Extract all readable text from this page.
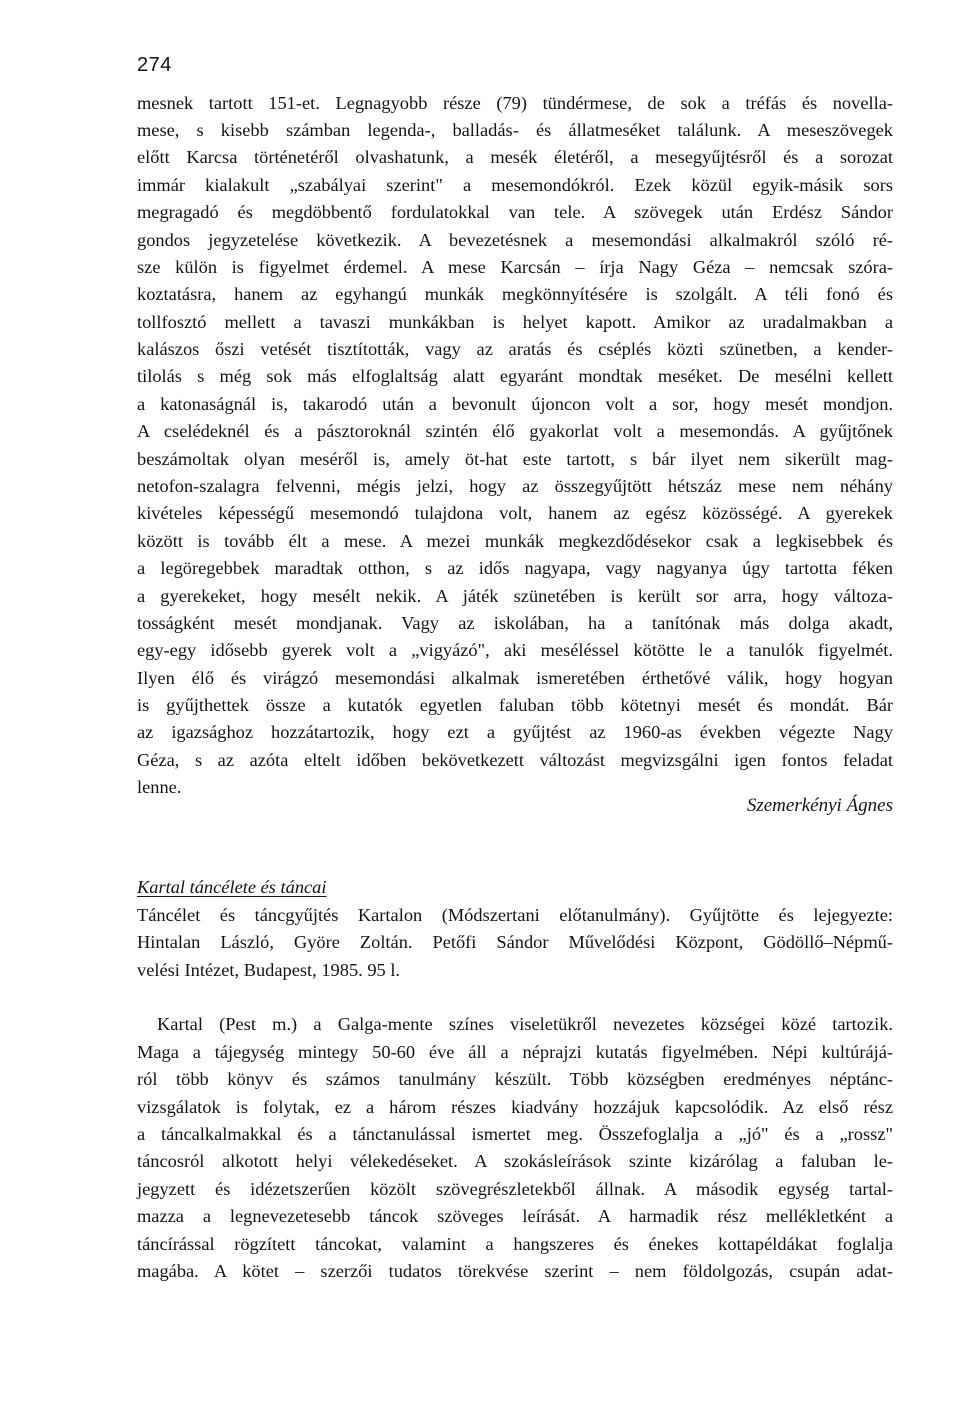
274
mesnek tartott 151-et. Legnagyobb része (79) tündérmese, de sok a tréfás és novella-
mese, s kisebb számban legenda-, balladás- és állatmeséket találunk. A meseszövegek
előtt Karcsa történetéről olvashatunk, a mesék életéről, a mesegyűjtésről és a sorozat
immár kialakult „szabályai szerint" a mesemondókról. Ezek közül egyik-másik sors
megragadó és megdöbbentő fordulatokkal van tele. A szövegek után Erdész Sándor
gondos jegyzetelése következik. A bevezetésnek a mesemondási alkalmakról szóló ré-
sze külön is figyelmet érdemel. A mese Karcsán – írja Nagy Géza – nemcsak szóra-
koztatásra, hanem az egyhangú munkák megkönnyítésére is szolgált. A téli fonó és
tollfosztó mellett a tavaszi munkákban is helyet kapott. Amikor az uradalmakban a
kalászos őszi vetését tisztították, vagy az aratás és cséplés közti szünetben, a kender-
tilolás s még sok más elfoglaltság alatt egyaránt mondtak meséket. De mesélni kellett
a katonaságnál is, takarodó után a bevonult újoncon volt a sor, hogy mesét mondjon.
A cselédeknél és a pásztoroknál szintén élő gyakorlat volt a mesemondás. A gyűjtőnek
beszámoltak olyan meséről is, amely öt-hat este tartott, s bár ilyet nem sikerült mag-
netofon-szalagra felvenni, mégis jelzi, hogy az összegyűjtött hétszáz mese nem néhány
kivételes képességű mesemondó tulajdona volt, hanem az egész közösségé. A gyerekek
között is tovább élt a mese. A mezei munkák megkezdődésekor csak a legkisebbek és
a legöregebbek maradtak otthon, s az idős nagyapa, vagy nagyanya úgy tartotta féken
a gyerekeket, hogy mesélt nekik. A játék szünetében is került sor arra, hogy változa-
tosságként mesét mondjanak. Vagy az iskolában, ha a tanítónak más dolga akadt,
egy-egy idősebb gyerek volt a „vigyázó", aki meséléssel kötötte le a tanulók figyelmét.
Ilyen élő és virágzó mesemondási alkalmak ismeretében érthetővé válik, hogy hogyan
is gyűjthettek össze a kutatók egyetlen faluban több kötetnyi mesét és mondát. Bár
az igazsághoz hozzátartozik, hogy ezt a gyűjtést az 1960-as években végezte Nagy
Géza, s az azóta eltelt időben bekövetkezett változást megvizsgálni igen fontos feladat
lenne.
Szemerkényi Ágnes
Kartal táncélete és táncai
Táncélet és táncgyűjtés Kartalon (Módszertani előtanulmány). Gyűjtötte és lejegyezte:
Hintalan László, Györe Zoltán. Petőfi Sándor Művelődési Központ, Gödöllő–Népmű-
velési Intézet, Budapest, 1985. 95 l.
Kartal (Pest m.) a Galga-mente színes viseletükről nevezetes községei közé tartozik.
Maga a tájegység mintegy 50-60 éve áll a néprajzi kutatás figyelmében. Népi kultúrájá-
ról több könyv és számos tanulmány készült. Több községben eredményes néptánc-
vizsgálatok is folytak, ez a három részes kiadvány hozzájuk kapcsolódik. Az első rész
a táncalkalmakkal és a tánctanulással ismertet meg. Összefoglalja a „jó" és a „rossz"
táncosról alkotott helyi vélekedéseket. A szokásleírások szinte kizárólag a faluban le-
jegyzett és idézetszerűen közölt szövegrészletekből állnak. A második egység tartal-
mazza a legnevezetesebb táncok szöveges leírását. A harmadik rész mellékletként a
táncírással rögzített táncokat, valamint a hangszeres és énekes kottapéldákat foglalja
magába. A kötet – szerzői tudatos törekvése szerint – nem földolgozás, csupán adat-
